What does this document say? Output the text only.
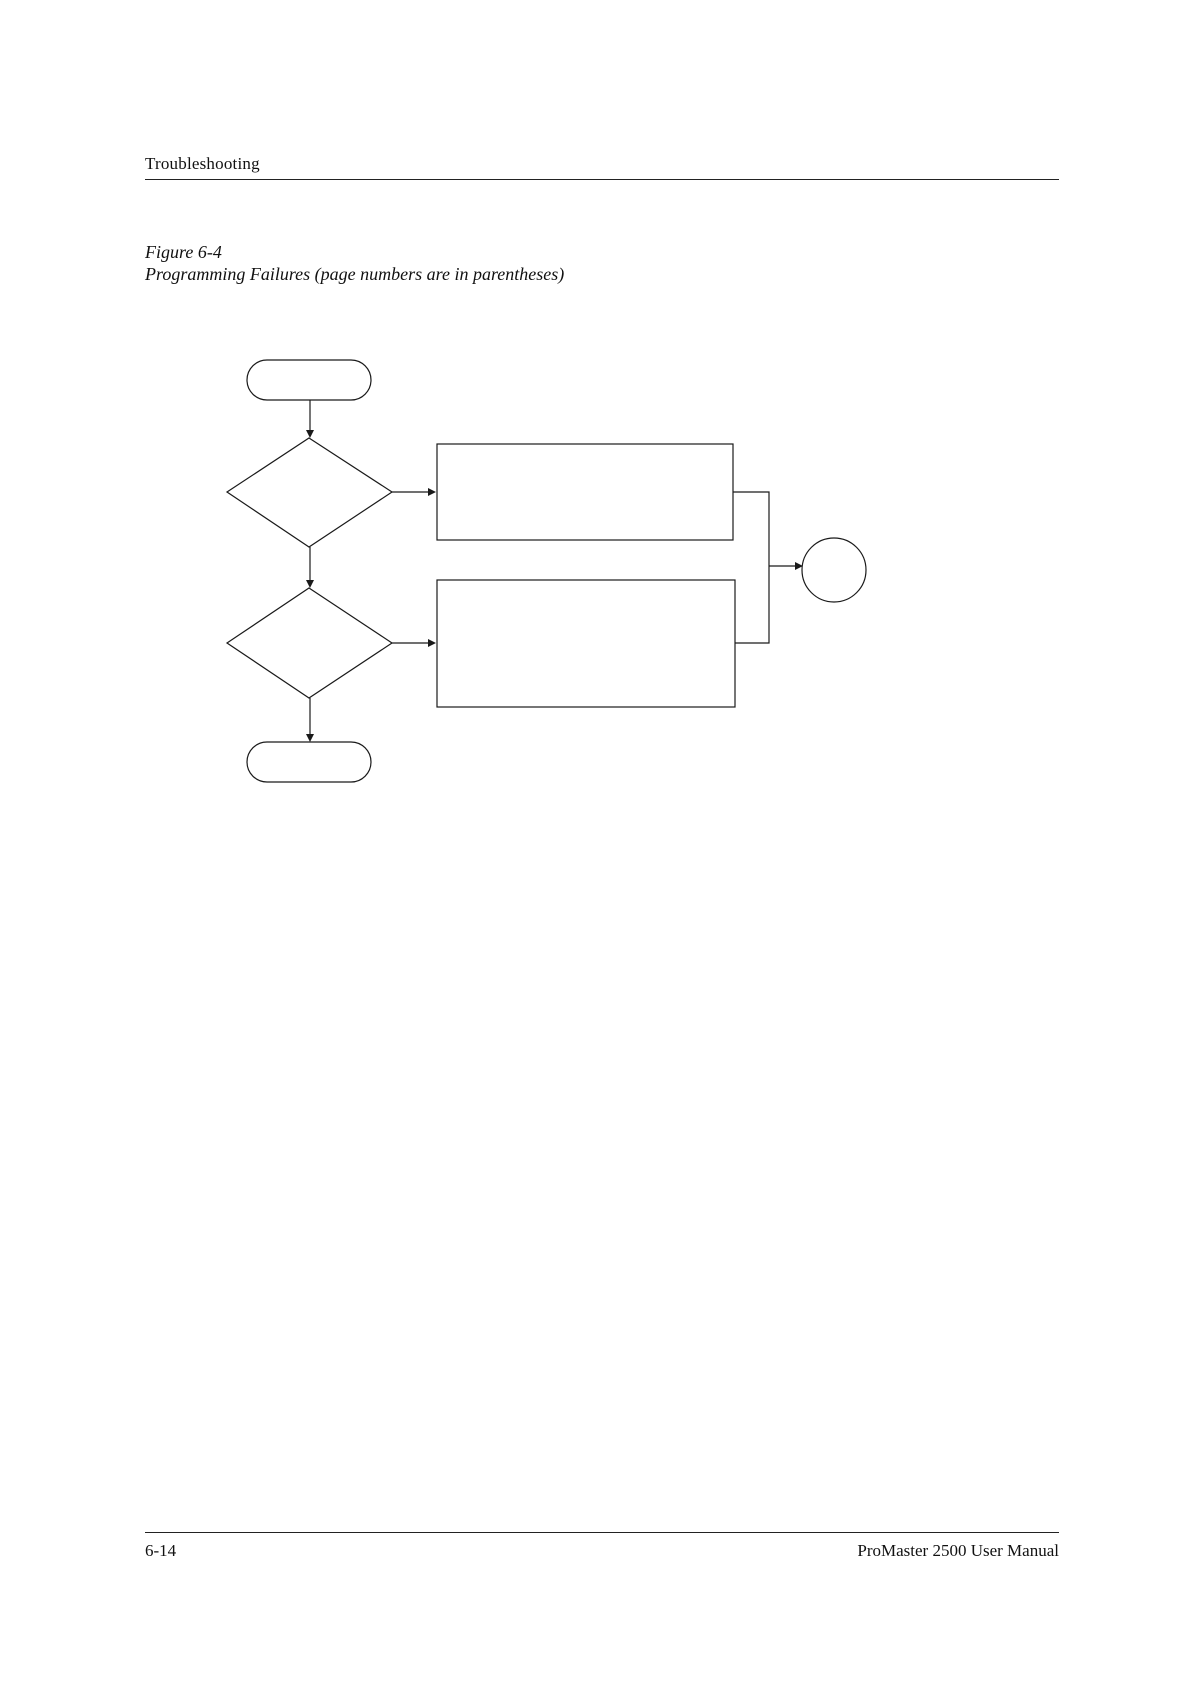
Troubleshooting
Figure 6-4
Programming Failures (page numbers are in parentheses)
6-14	ProMaster 2500 User Manual
